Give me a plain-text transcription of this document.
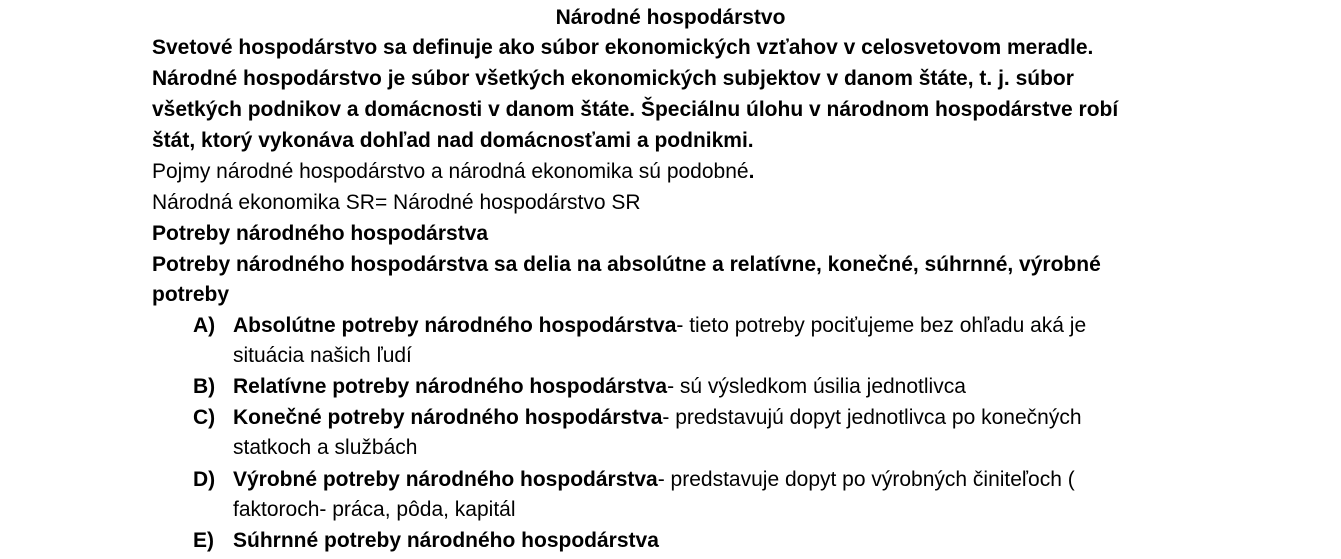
Národné hospodárstvo
Svetové hospodárstvo sa definuje ako súbor ekonomických vzťahov v celosvetovom meradle.
Národné hospodárstvo je súbor všetkých ekonomických subjektov v danom štáte, t. j. súbor
všetkých podnikov a domácnosti v danom štáte. Špeciálnu úlohu v národnom hospodárstve robí
štát, ktorý vykonáva dohľad nad domácnosťami a podnikmi.
Pojmy národné hospodárstvo a národná ekonomika sú podobné.
Národná ekonomika SR= Národné hospodárstvo SR
Potreby národného hospodárstva
Potreby národného hospodárstva sa delia na absolútne a relatívne, konečné, súhrnné, výrobné
potreby
A) Absolútne potreby národného hospodárstva- tieto potreby pociťujeme bez ohľadu aká je
situácia našich ľudí
B) Relatívne potreby národného hospodárstva- sú výsledkom úsilia jednotlivca
C) Konečné potreby národného hospodárstva- predstavujú dopyt jednotlivca po konečných
statkoch a službách
D) Výrobné potreby národného hospodárstva- predstavuje dopyt po výrobných činiteľoch (
faktoroch- práca, pôda, kapitál
E) Súhrnné potreby národného hospodárstva
